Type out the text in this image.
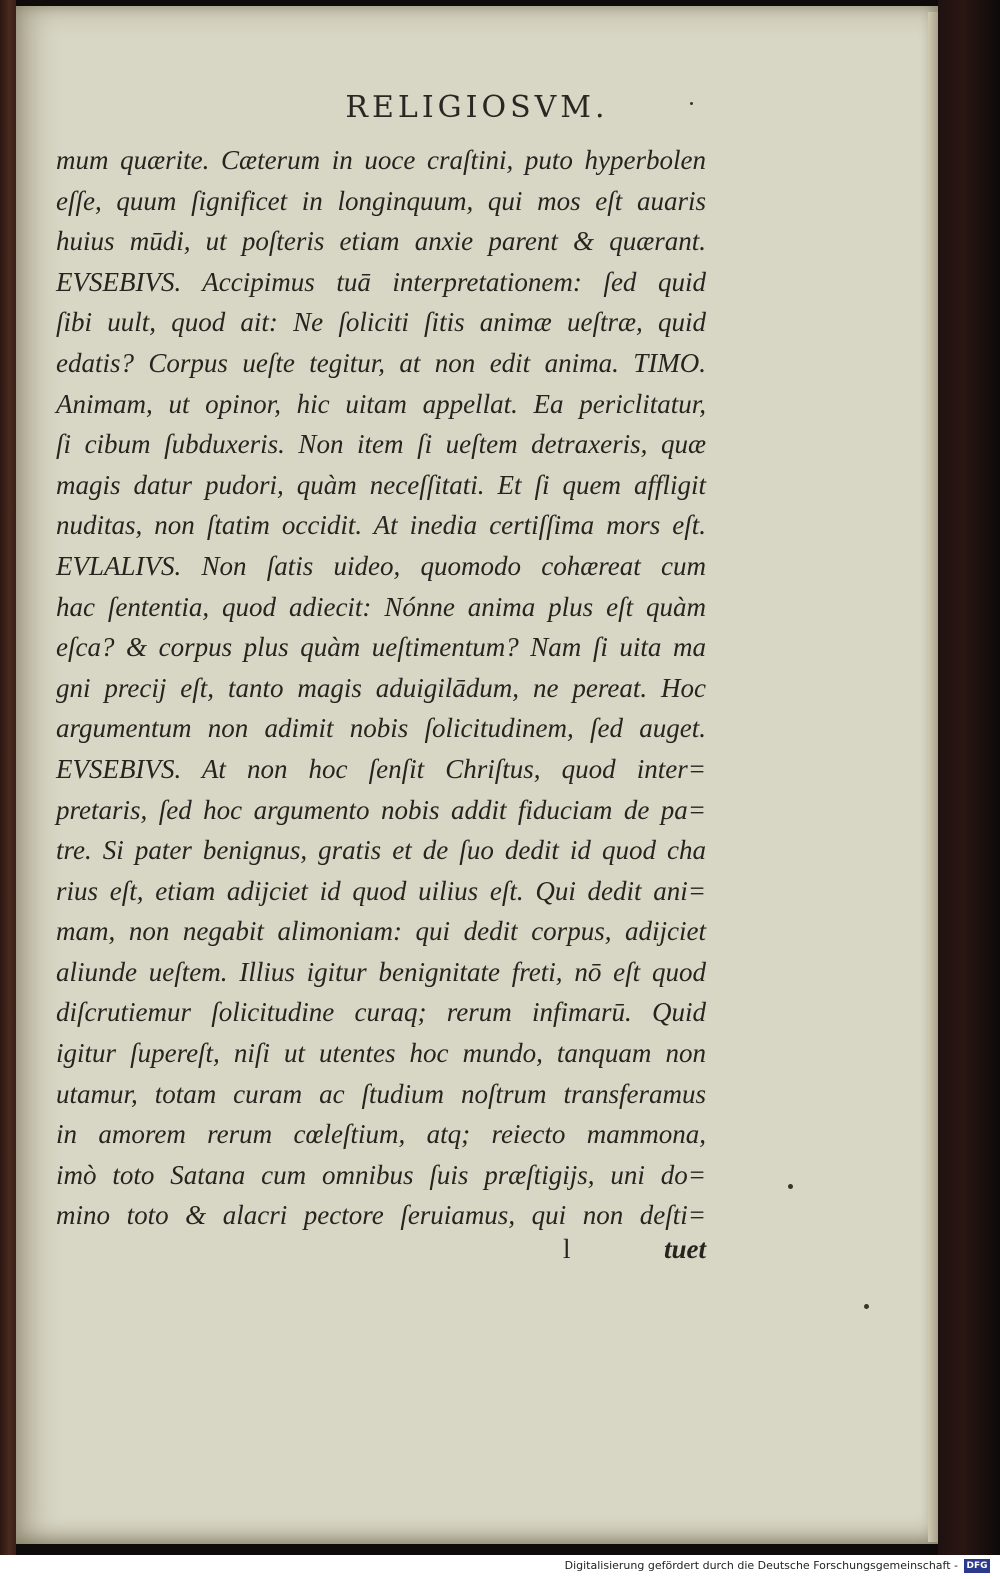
RELIGIOSVM.
mum quærite. Cæterum in uoce craſtini, puto hyperbolen
eſſe, quum ſignificet in longinquum, qui mos eſt auaris
huius mūdi, ut poſteris etiam anxie parent & quærant.
EVSEBIVS. Accipimus tuā interpretationem: ſed quid
ſibi uult, quod ait: Ne ſoliciti ſitis animæ ueſtræ, quid
edatis? Corpus ueſte tegitur, at non edit anima. TIMO.
Animam, ut opinor, hic uitam appellat. Ea periclitatur,
ſi cibum ſubduxeris. Non item ſi ueſtem detraxeris, quæ
magis datur pudori, quàm neceſſitati. Et ſi quem affligit
nuditas, non ſtatim occidit. At inedia certiſſima mors eſt.
EVLALIVS. Non ſatis uideo, quomodo cohæreat cum
hac ſententia, quod adiecit: Nónne anima plus eſt quàm
eſca? & corpus plus quàm ueſtimentum? Nam ſi uita ma
gni precij eſt, tanto magis aduigilādum, ne pereat. Hoc
argumentum non adimit nobis ſolicitudinem, ſed auget.
EVSEBIVS. At non hoc ſenſit Chriſtus, quod inter=
pretaris, ſed hoc argumento nobis addit fiduciam de pa=
tre. Si pater benignus, gratis et de ſuo dedit id quod cha
rius eſt, etiam adijciet id quod uilius eſt. Qui dedit ani=
mam, non negabit alimoniam: qui dedit corpus, adijciet
aliunde ueſtem. Illius igitur benignitate freti, nō eſt quod
diſcrutiemur ſolicitudine curaq; rerum infimarū. Quid
igitur ſupereſt, niſi ut utentes hoc mundo, tanquam non
utamur, totam curam ac ſtudium noſtrum transferamus
in amorem rerum cœleſtium, atq; reiecto mammona,
imò toto Satana cum omnibus ſuis præſtigijs, uni do=
mino toto & alacri pectore ſeruiamus, qui non deſti=
l	tuet
Digitalisierung gefördert durch die Deutsche Forschungsgemeinschaft - DFG
